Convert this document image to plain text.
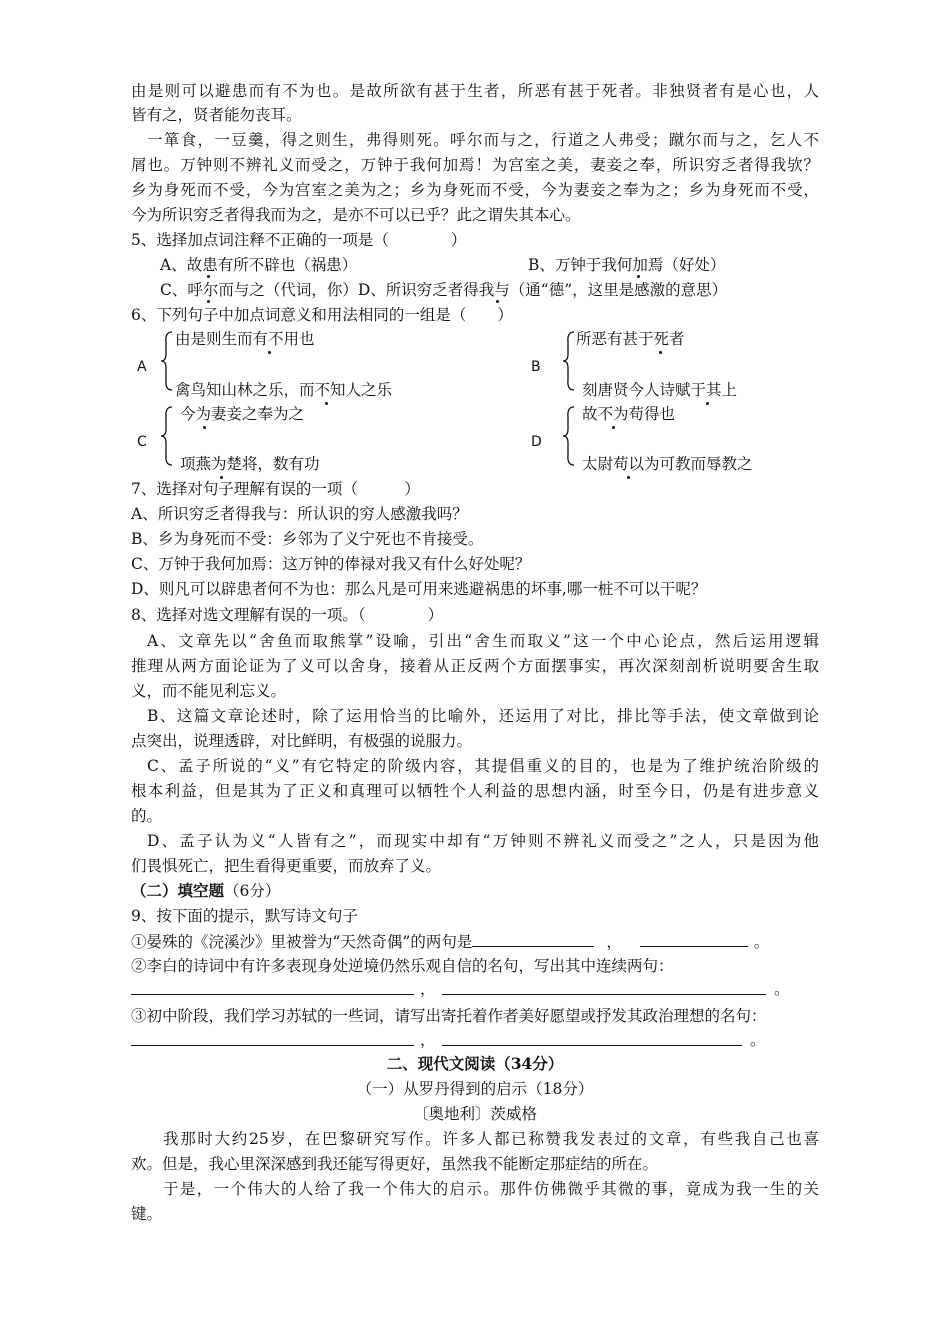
由是则可以避患而有不为也。是故所欲有甚于生者，所恶有甚于死者。非独贤者有是心也，人
皆有之，贤者能勿丧耳。
一箪食，一豆羹，得之则生，弗得则死。呼尔而与之，行道之人弗受；蹴尔而与之，乞人不
屑也。万钟则不辨礼义而受之，万钟于我何加焉！为宫室之美，妻妾之奉，所识穷乏者得我欤？
乡为身死而不受，今为宫室之美为之；乡为身死而不受，今为妻妾之奉为之；乡为身死而不受，
今为所识穷乏者得我而为之，是亦不可以已乎？此之谓失其本心。
5、选择加点词注释不正确的一项是（　　　　）
A、故患有所不辟也（祸患）	B、万钟于我何加焉（好处）
C、呼尔而与之（代词，你）D、所识穷乏者得我与（通“德”，这里是感激的意思）
6、下列句子中加点词意义和用法相同的一组是（　　）
A
由是则生而有不用也
禽鸟知山林之乐，而不知人之乐
B
所恶有甚于死者
刻唐贤今人诗赋于其上
C
今为妻妾之奉为之
项燕为楚将，数有功
D
故不为苟得也
太尉苟以为可教而辱教之
7、选择对句子理解有误的一项（　　　）
A、所识穷乏者得我与：所认识的穷人感激我吗？
B、乡为身死而不受：乡邻为了义宁死也不肯接受。
C、万钟于我何加焉：这万钟的俸禄对我又有什么好处呢？
D、则凡可以辟患者何不为也：那么凡是可用来逃避祸患的坏事,哪一桩不可以干呢？
8、选择对选文理解有误的一项。（　　　　）
A、文章先以“舍鱼而取熊掌”设喻，引出“舍生而取义”这一个中心论点，然后运用逻辑
推理从两方面论证为了义可以舍身，接着从正反两个方面摆事实，再次深刻剖析说明要舍生取
义，而不能见利忘义。
B、这篇文章论述时，除了运用恰当的比喻外，还运用了对比，排比等手法，使文章做到论
点突出，说理透辟，对比鲜明，有极强的说服力。
C、孟子所说的“义”有它特定的阶级内容，其提倡重义的目的，也是为了维护统治阶级的
根本利益，但是其为了正义和真理可以牺牲个人利益的思想内涵，时至今日，仍是有进步意义
的。
D、孟子认为义“人皆有之”，而现实中却有“万钟则不辨礼义而受之”之人，只是因为他
们畏惧死亡，把生看得更重要，而放弃了义。
（二）填空题（6分）
9、按下面的提示，默写诗文句子
①晏殊的《浣溪沙》里被誉为“天然奇偶”的两句是	，	。
②李白的诗词中有许多表现身处逆境仍然乐观自信的名句，写出其中连续两句：
，	。
③初中阶段，我们学习苏轼的一些词，请写出寄托着作者美好愿望或抒发其政治理想的名句：
，	。
二、现代文阅读（34分）
（一）从罗丹得到的启示（18分）
〔奥地利〕茨威格
我那时大约25岁，在巴黎研究写作。许多人都已称赞我发表过的文章，有些我自己也喜
欢。但是，我心里深深感到我还能写得更好，虽然我不能断定那症结的所在。
于是，一个伟大的人给了我一个伟大的启示。那件仿佛微乎其微的事，竟成为我一生的关
键。
